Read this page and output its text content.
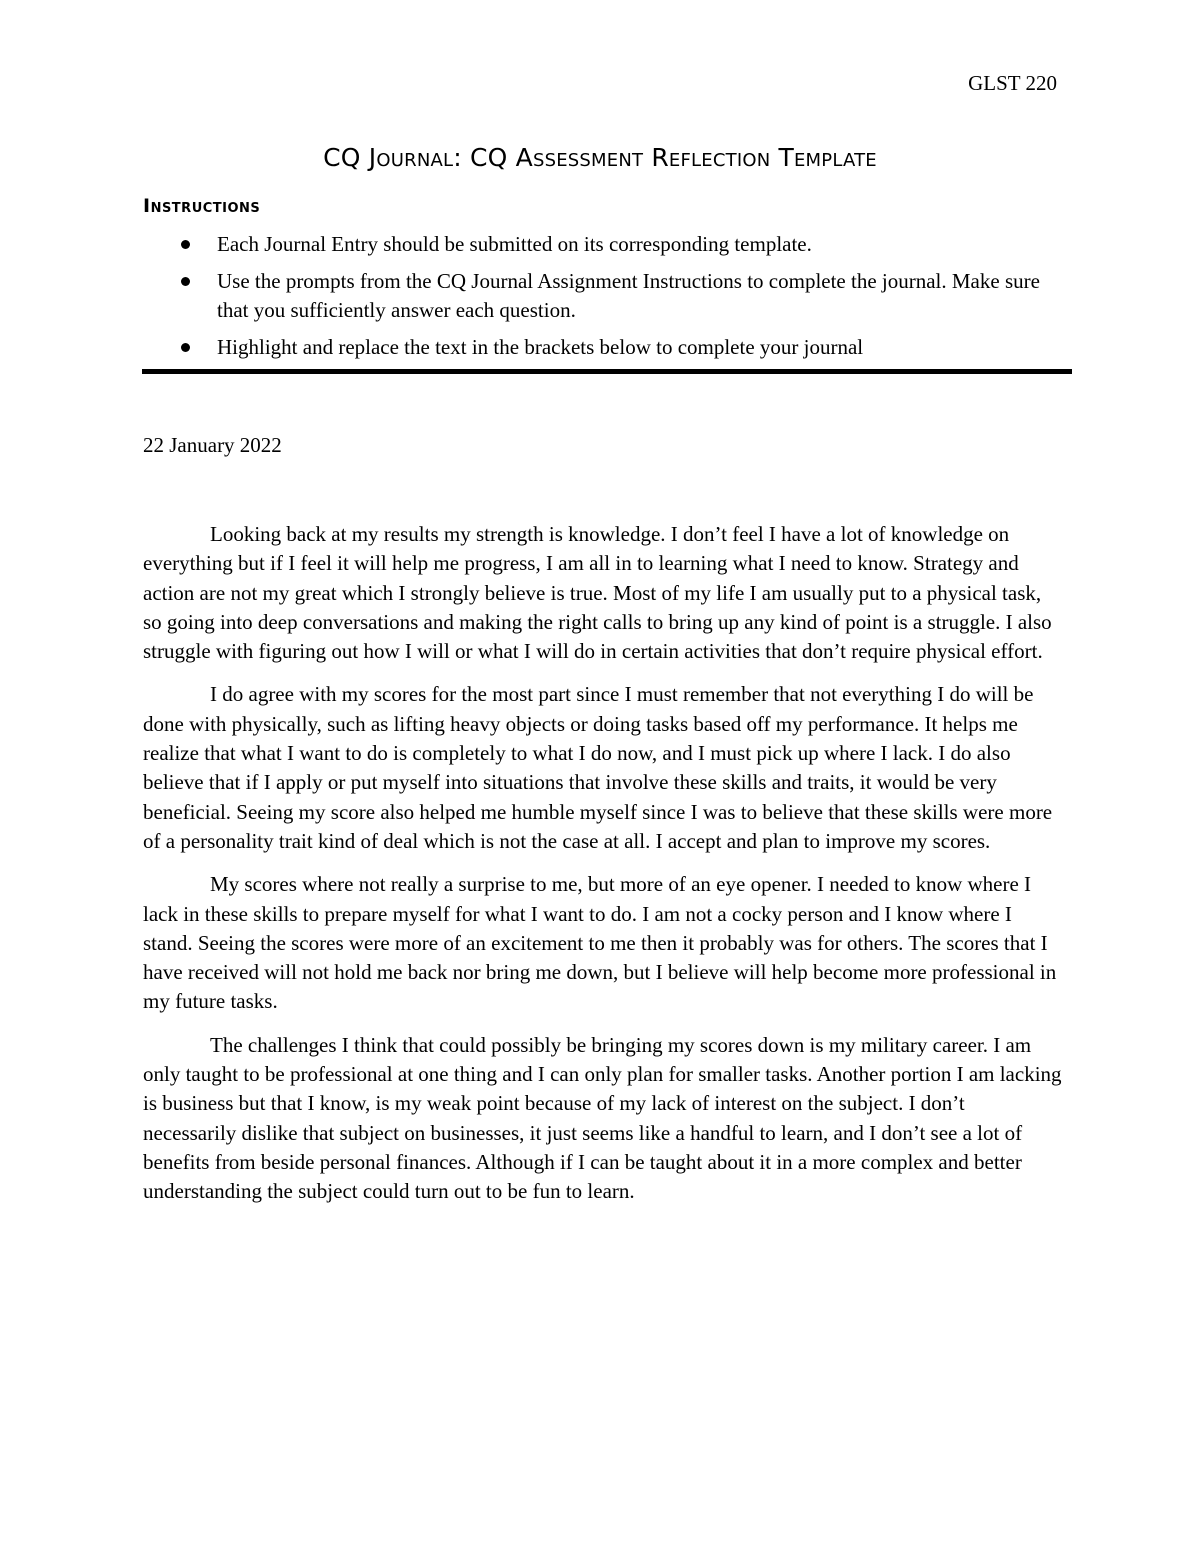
GLST 220
CQ Journal: CQ Assessment Reflection Template
Instructions
Each Journal Entry should be submitted on its corresponding template.
Use the prompts from the CQ Journal Assignment Instructions to complete the journal. Make sure that you sufficiently answer each question.
Highlight and replace the text in the brackets below to complete your journal
22 January 2022

Looking back at my results my strength is knowledge. I don’t feel I have a lot of knowledge on everything but if I feel it will help me progress, I am all in to learning what I need to know. Strategy and action are not my great which I strongly believe is true. Most of my life I am usually put to a physical task, so going into deep conversations and making the right calls to bring up any kind of point is a struggle. I also struggle with figuring out how I will or what I will do in certain activities that don’t require physical effort.

I do agree with my scores for the most part since I must remember that not everything I do will be done with physically, such as lifting heavy objects or doing tasks based off my performance. It helps me realize that what I want to do is completely to what I do now, and I must pick up where I lack. I do also believe that if I apply or put myself into situations that involve these skills and traits, it would be very beneficial. Seeing my score also helped me humble myself since I was to believe that these skills were more of a personality trait kind of deal which is not the case at all. I accept and plan to improve my scores.

My scores where not really a surprise to me, but more of an eye opener. I needed to know where I lack in these skills to prepare myself for what I want to do. I am not a cocky person and I know where I stand. Seeing the scores were more of an excitement to me then it probably was for others. The scores that I have received will not hold me back nor bring me down, but I believe will help become more professional in my future tasks.

The challenges I think that could possibly be bringing my scores down is my military career. I am only taught to be professional at one thing and I can only plan for smaller tasks. Another portion I am lacking is business but that I know, is my weak point because of my lack of interest on the subject. I don’t necessarily dislike that subject on businesses, it just seems like a handful to learn, and I don’t see a lot of benefits from beside personal finances. Although if I can be taught about it in a more complex and better understanding the subject could turn out to be fun to learn.
